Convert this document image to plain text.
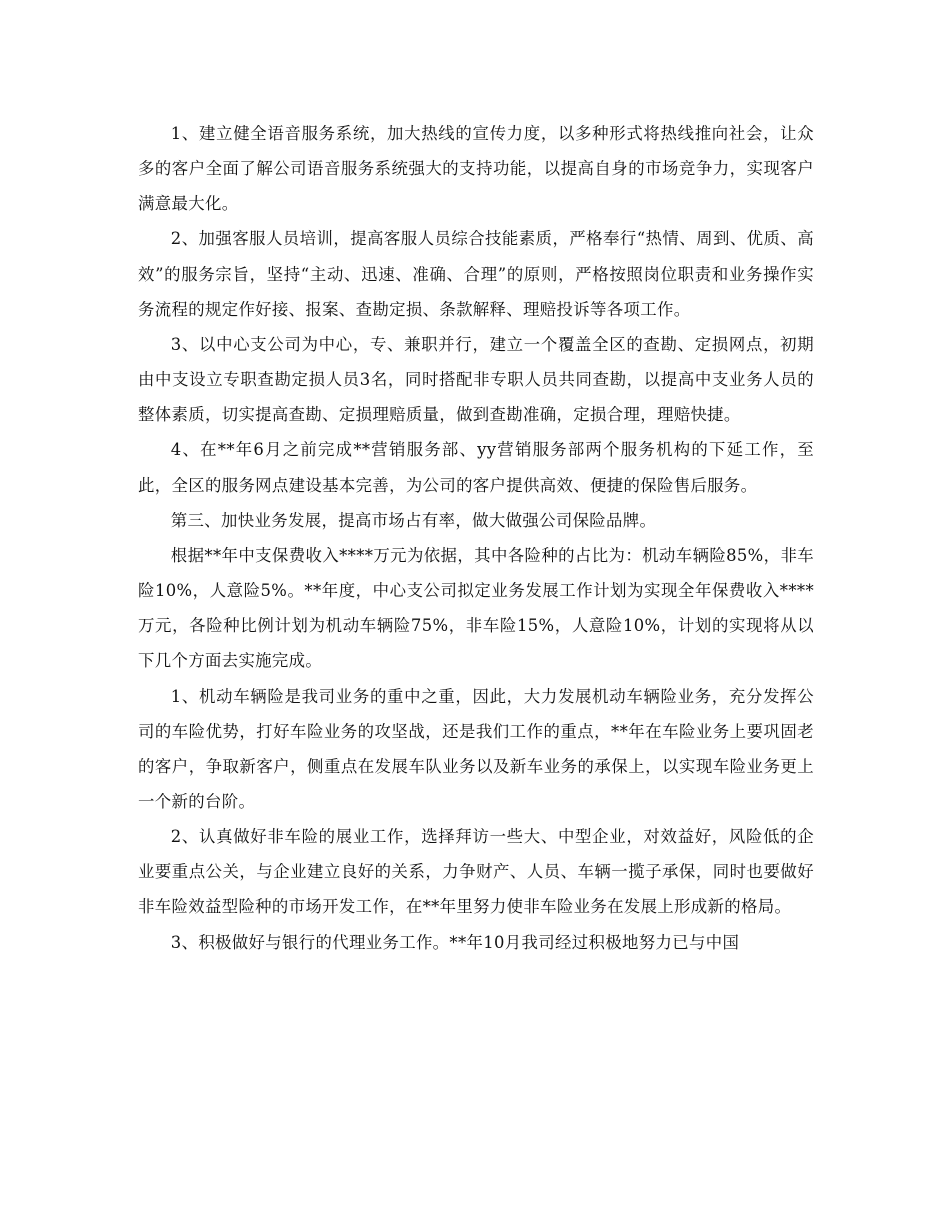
1、建立健全语音服务系统，加大热线的宣传力度，以多种形式将热线推向社会，让众多的客户全面了解公司语音服务系统强大的支持功能，以提高自身的市场竞争力，实现客户满意最大化。

2、加强客服人员培训，提高客服人员综合技能素质，严格奉行“热情、周到、优质、高效”的服务宗旨，坚持“主动、迅速、准确、合理”的原则，严格按照岗位职责和业务操作实务流程的规定作好接、报案、查勘定损、条款解释、理赔投诉等各项工作。

3、以中心支公司为中心，专、兼职并行，建立一个覆盖全区的查勘、定损网点，初期由中支设立专职查勘定损人员3名，同时搭配非专职人员共同查勘，以提高中支业务人员的整体素质，切实提高查勘、定损理赔质量，做到查勘准确，定损合理，理赔快捷。

4、在**年6月之前完成**营销服务部、yy营销服务部两个服务机构的下延工作，至此，全区的服务网点建设基本完善，为公司的客户提供高效、便捷的保险售后服务。

第三、加快业务发展，提高市场占有率，做大做强公司保险品牌。

根据**年中支保费收入****万元为依据，其中各险种的占比为：机动车辆险85%，非车险10%，人意险5%。**年度，中心支公司拟定业务发展工作计划为实现全年保费收入****万元，各险种比例计划为机动车辆险75%，非车险15%，人意险10%，计划的实现将从以下几个方面去实施完成。

1、机动车辆险是我司业务的重中之重，因此，大力发展机动车辆险业务，充分发挥公司的车险优势，打好车险业务的攻坚战，还是我们工作的重点，**年在车险业务上要巩固老的客户，争取新客户，侧重点在发展车队业务以及新车业务的承保上，以实现车险业务更上一个新的台阶。

2、认真做好非车险的展业工作，选择拜访一些大、中型企业，对效益好，风险低的企业要重点公关，与企业建立良好的关系，力争财产、人员、车辆一揽子承保，同时也要做好非车险效益型险种的市场开发工作，在**年里努力使非车险业务在发展上形成新的格局。

3、积极做好与银行的代理业务工作。**年10月我司经过积极地努力已与中国
